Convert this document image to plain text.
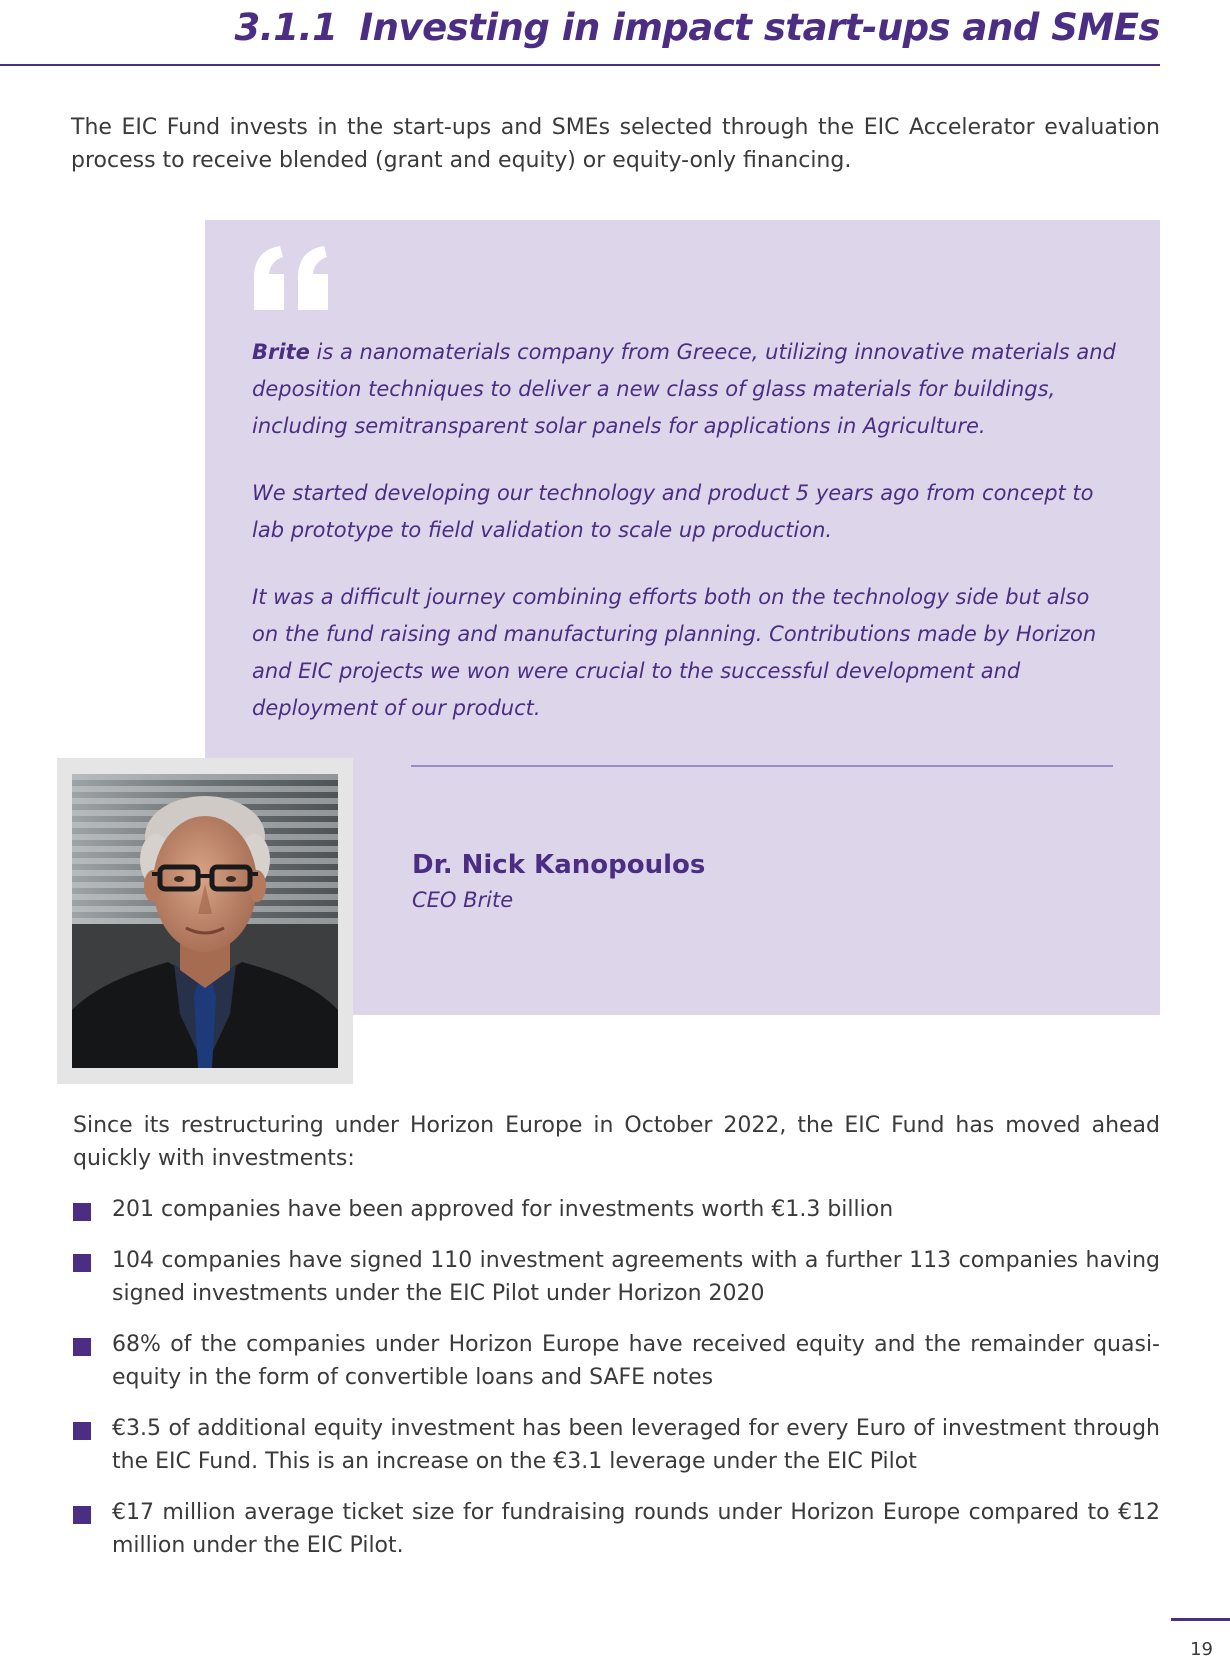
3.1.1 Investing in impact start-ups and SMEs

The EIC Fund invests in the start-ups and SMEs selected through the EIC Accelerator evaluation process to receive blended (grant and equity) or equity-only financing.

Brite is a nanomaterials company from Greece, utilizing innovative materials and deposition techniques to deliver a new class of glass materials for buildings, including semitransparent solar panels for applications in Agriculture.

We started developing our technology and product 5 years ago from concept to lab prototype to field validation to scale up production.

It was a difficult journey combining efforts both on the technology side but also on the fund raising and manufacturing planning. Contributions made by Horizon and EIC projects we won were crucial to the successful development and deployment of our product.

Dr. Nick Kanopoulos

CEO Brite

Since its restructuring under Horizon Europe in October 2022, the EIC Fund has moved ahead quickly with investments:

201 companies have been approved for investments worth €1.3 billion
104 companies have signed 110 investment agreements with a further 113 companies having signed investments under the EIC Pilot under Horizon 2020
68% of the companies under Horizon Europe have received equity and the remainder quasi-equity in the form of convertible loans and SAFE notes
€3.5 of additional equity investment has been leveraged for every Euro of investment through the EIC Fund. This is an increase on the €3.1 leverage under the EIC Pilot
€17 million average ticket size for fundraising rounds under Horizon Europe compared to €12 million under the EIC Pilot.

19
